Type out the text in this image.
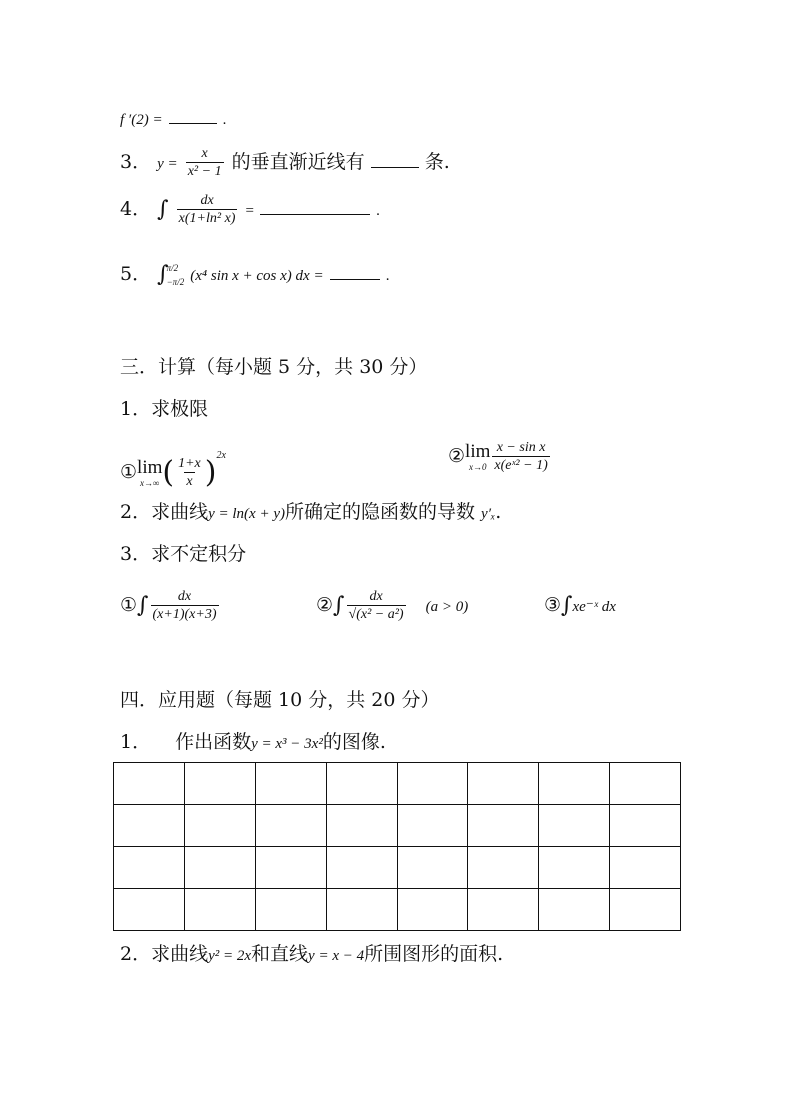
f ′(2) =	.
3． $y = \frac{x}{\text{x² − 1}}$ 的垂直渐近线有	条.
4． ∫ $\frac{dx}{\text{x(1+ln² x)}}$ =	.
5． ∫
π/2
−π/2 (x⁴ sin x + cos x) dx =	.
三．计算（每小题 5 分，共 30 分）
1．求极限
① lim
x→∞ ( $\frac{1+x}{x} )^{2x}$	② lim
$x\to 0 \frac{\text{x − sin x}}{\text{x(eˣ² − 1)}}$
2．求曲线y = ln(x + y)所确定的隐函数的导数 y′ₓ.
3．求不定积分
①∫ $\frac{dx}{(x+1)(x+3)}$	②∫ $\frac{dx}{\text{√(x² − a²)}} (a > 0)$	③∫xe⁻ˣ dx
四．应用题（每题 10 分，共 20 分）
1． 作出函数y = x³ − 3x²的图像.

2．求曲线y² = 2x和直线y = x − 4所围图形的面积.
